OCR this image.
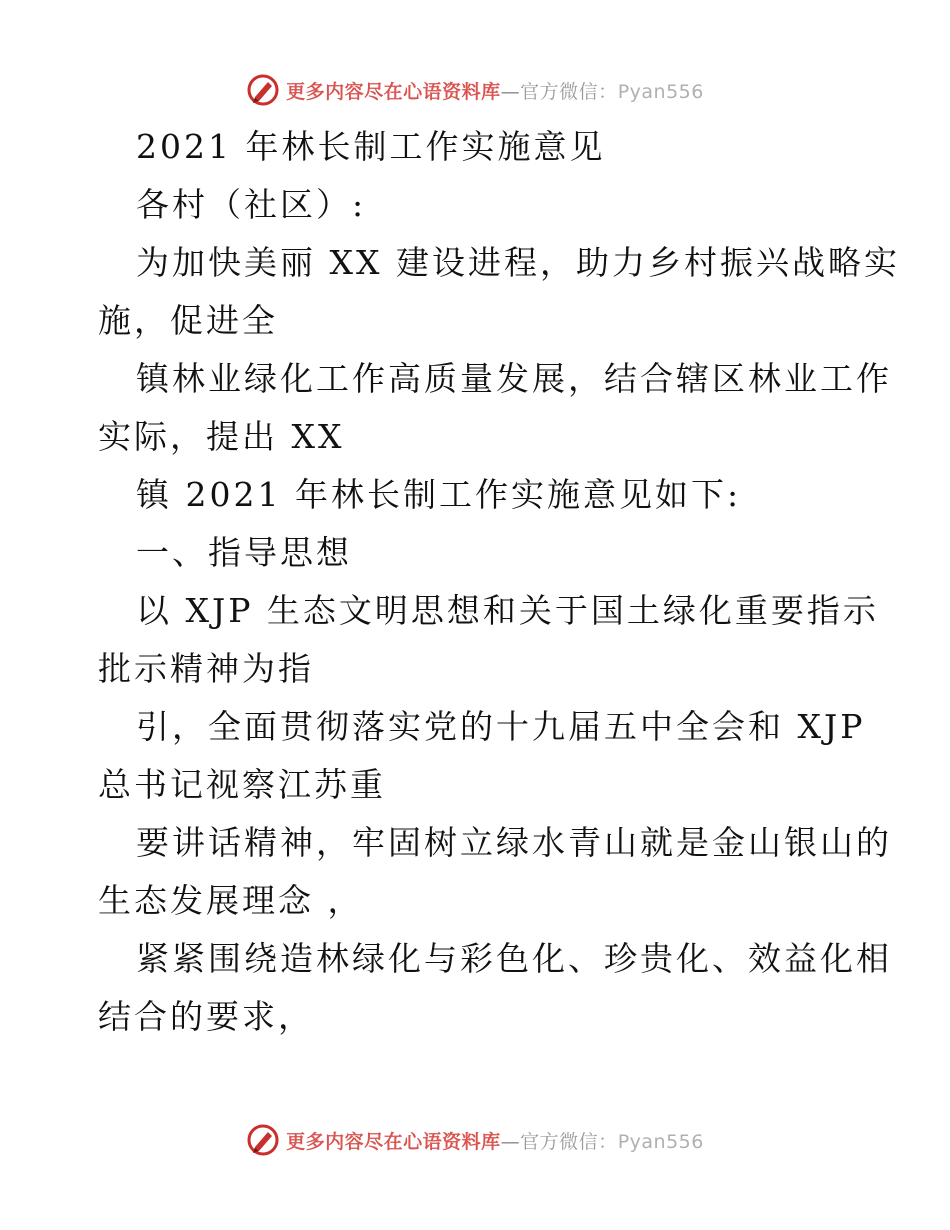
更多内容尽在心语资料库—官方微信：Pyan556
2021 年林长制工作实施意见
各村（社区）:
为加快美丽 XX 建设进程，助力乡村振兴战略实
施，促进全
镇林业绿化工作高质量发展，结合辖区林业工作
实际，提出 XX
镇 2021 年林长制工作实施意见如下:
一、指导思想
以 XJP 生态文明思想和关于国土绿化重要指示
批示精神为指
引，全面贯彻落实党的十九届五中全会和 XJP
总书记视察江苏重
要讲话精神，牢固树立绿水青山就是金山银山的
生态发展理念 ，
紧紧围绕造林绿化与彩色化、珍贵化、效益化相
结合的要求，
更多内容尽在心语资料库—官方微信：Pyan556
